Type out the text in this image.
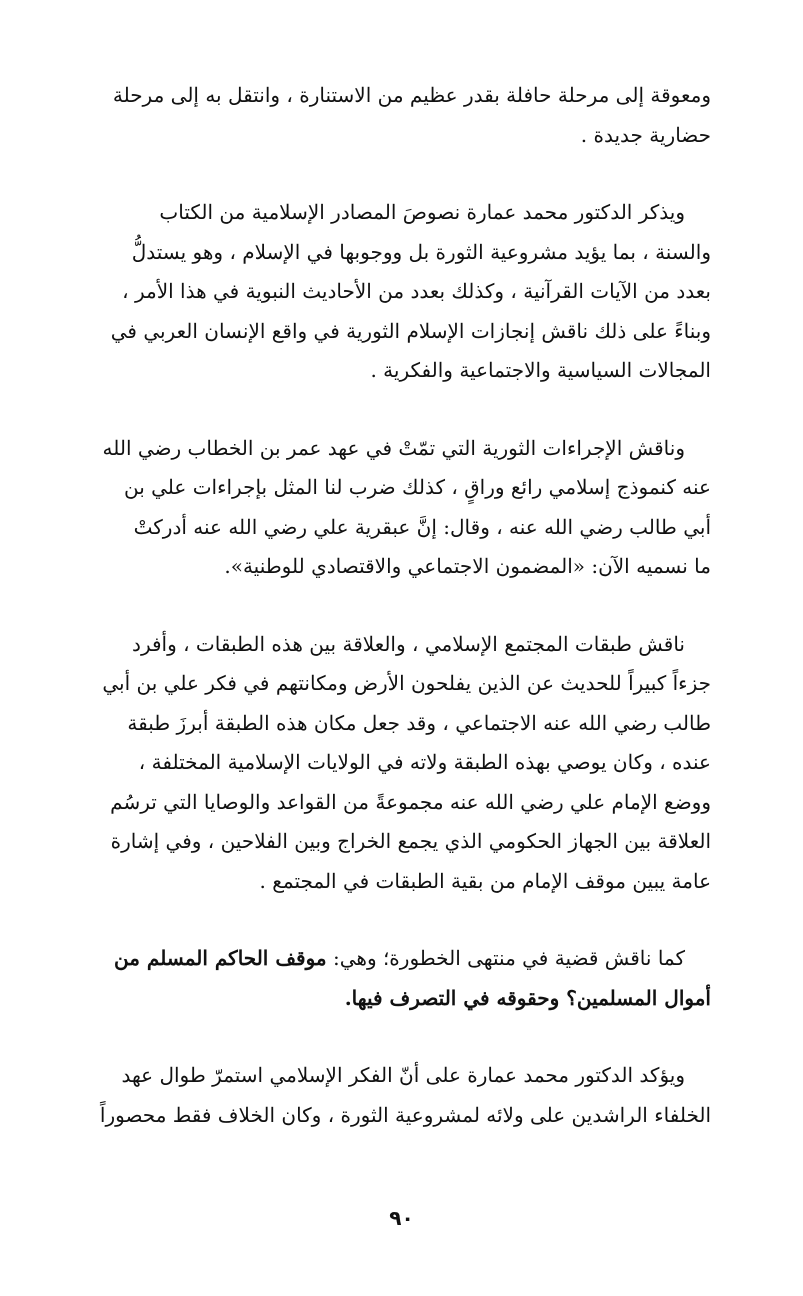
ومعوقة إلى مرحلة حافلة بقدر عظيم من الاستنارة ، وانتقل به إلى مرحلة
حضارية جديدة .

ويذكر الدكتور محمد عمارة نصوصَ المصادر الإسلامية من الكتاب
والسنة ، بما يؤيد مشروعية الثورة بل ووجوبها في الإسلام ، وهو يستدلُّ
بعدد من الآيات القرآنية ، وكذلك بعدد من الأحاديث النبوية في هذا الأمر ،
وبناءً على ذلك ناقش إنجازات الإسلام الثورية في واقع الإنسان العربي في
المجالات السياسية والاجتماعية والفكرية .

وناقش الإجراءات الثورية التي تمّتْ في عهد عمر بن الخطاب رضي الله
عنه كنموذج إسلامي رائع وراقٍ ، كذلك ضرب لنا المثل بإجراءات علي بن
أبي طالب رضي الله عنه ، وقال: إنَّ عبقرية علي رضي الله عنه أدركتْ
ما نسميه الآن: «المضمون الاجتماعي والاقتصادي للوطنية».

ناقش طبقات المجتمع الإسلامي ، والعلاقة بين هذه الطبقات ، وأفرد
جزءاً كبيراً للحديث عن الذين يفلحون الأرض ومكانتهم في فكر علي بن أبي
طالب رضي الله عنه الاجتماعي ، وقد جعل مكان هذه الطبقة أبرزَ طبقة
عنده ، وكان يوصي بهذه الطبقة ولاته في الولايات الإسلامية المختلفة ،
ووضع الإمام علي رضي الله عنه مجموعةً من القواعد والوصايا التي ترسُم
العلاقة بين الجهاز الحكومي الذي يجمع الخراج وبين الفلاحين ، وفي إشارة
عامة يبين موقف الإمام من بقية الطبقات في المجتمع .

كما ناقش قضية في منتهى الخطورة؛ وهي: موقف الحاكم المسلم من
أموال المسلمين؟ وحقوقه في التصرف فيها.

ويؤكد الدكتور محمد عمارة على أنّ الفكر الإسلامي استمرّ طوال عهد
الخلفاء الراشدين على ولائه لمشروعية الثورة ، وكان الخلاف فقط محصوراً

٩٠
